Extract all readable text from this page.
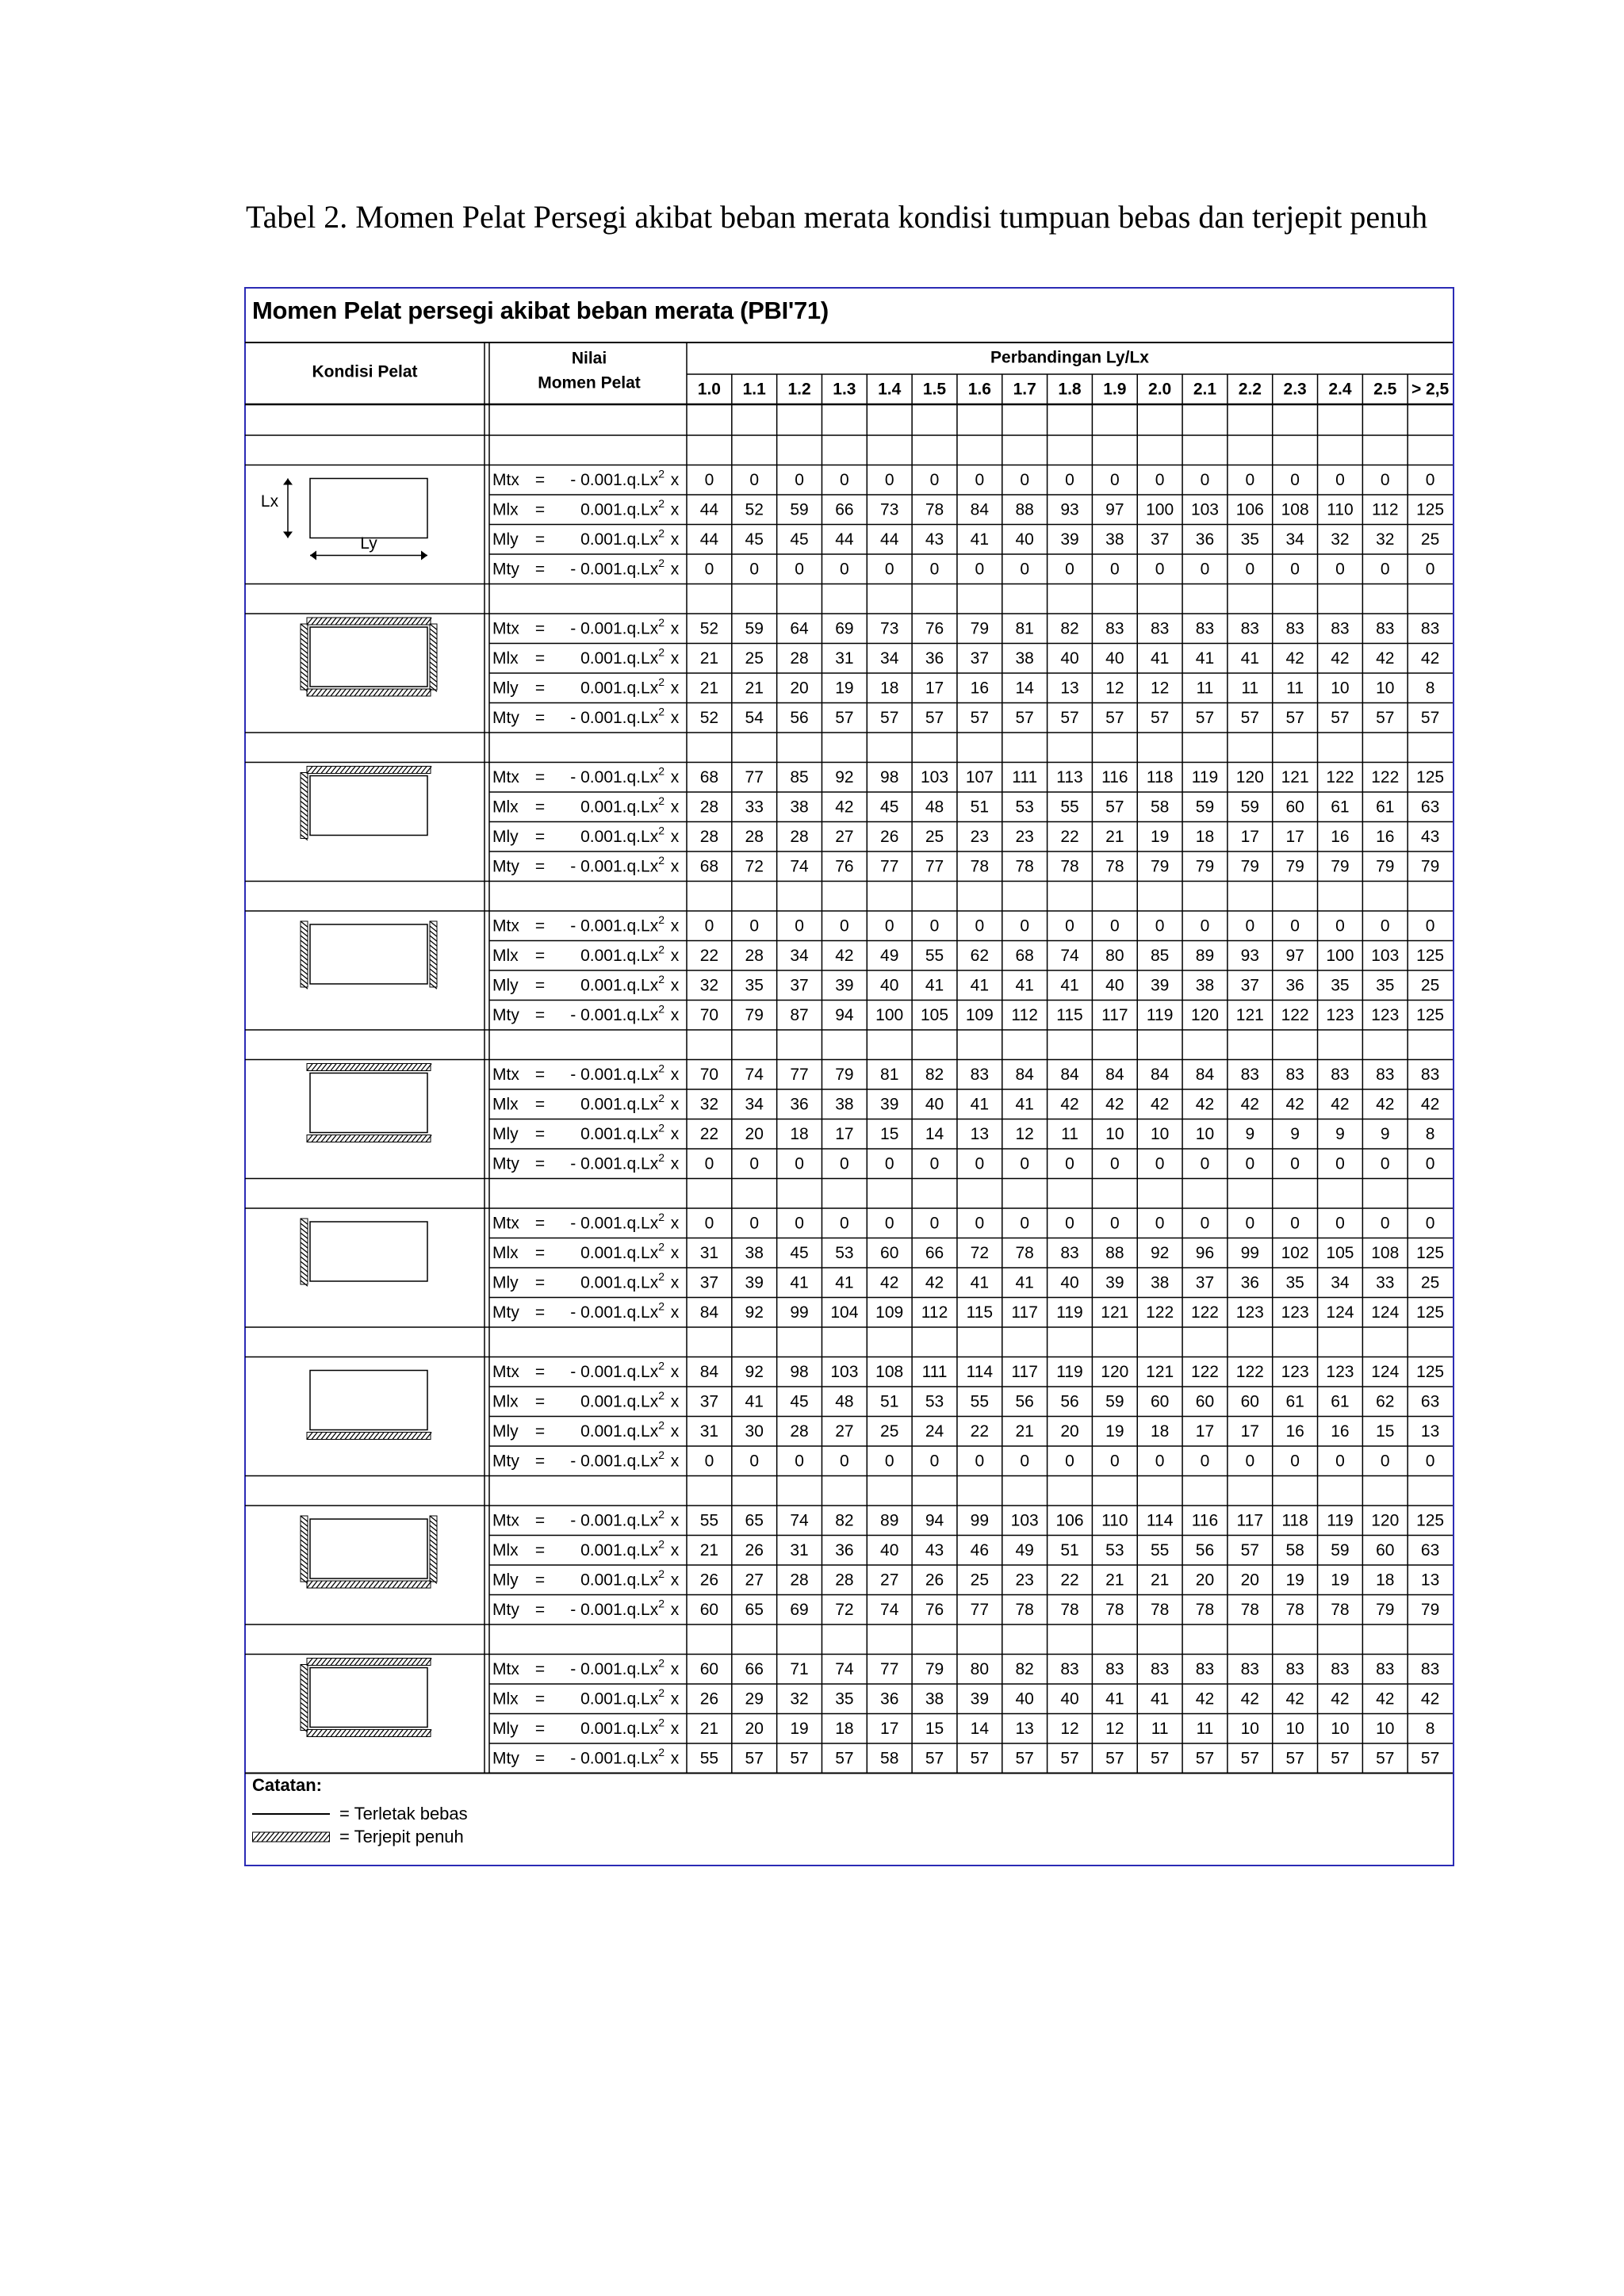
Tabel 2. Momen Pelat Persegi akibat beban merata kondisi tumpuan bebas dan terjepit penuh
Momen Pelat persegi akibat beban merata (PBI'71)
Catatan:
= Terletak bebas
= Terjepit penuh
Kondisi Pelat
Nilai
Momen Pelat
Perbandingan Ly/Lx
1.0 1.1 1.2 1.3 1.4 1.5 1.6 1.7 1.8 1.9 2.0 2.1 2.2 2.3 2.4 2.5 > 2,5
Mtx = - 0.001.q.Lx$^2$ x 0 0 0 0 0 0 0 0 0 0 0 0 0 0 0 0 0
Mlx = $0.001.q.Lx^2$ x 44 52 59 66 73 78 84 88 93 97 100 103 106 108 110 112 125
Mly = $0.001.q.Lx^2$ x 44 45 45 44 44 43 41 40 39 38 37 36 35 34 32 32 25
Mty = - 0.001.q.Lx$^2$ x 0 0 0 0 0 0 0 0 0 0 0 0 0 0 0 0 0
Lx
Ly
Mtx = - 0.001.q.Lx$^2$ x 52 59 64 69 73 76 79 81 82 83 83 83 83 83 83 83 83
Mlx = $0.001.q.Lx^2$ x 21 25 28 31 34 36 37 38 40 40 41 41 41 42 42 42 42
Mly = $0.001.q.Lx^2$ x 21 21 20 19 18 17 16 14 13 12 12 11 11 11 10 10 8
Mty = - 0.001.q.Lx$^2$ x 52 54 56 57 57 57 57 57 57 57 57 57 57 57 57 57 57
Mtx = - 0.001.q.Lx$^2$ x 68 77 85 92 98 103 107 111 113 116 118 119 120 121 122 122 125
Mlx = $0.001.q.Lx^2$ x 28 33 38 42 45 48 51 53 55 57 58 59 59 60 61 61 63
Mly = $0.001.q.Lx^2$ x 28 28 28 27 26 25 23 23 22 21 19 18 17 17 16 16 43
Mty = - 0.001.q.Lx$^2$ x 68 72 74 76 77 77 78 78 78 78 79 79 79 79 79 79 79
Mtx = - 0.001.q.Lx$^2$ x 0 0 0 0 0 0 0 0 0 0 0 0 0 0 0 0 0
Mlx = $0.001.q.Lx^2$ x 22 28 34 42 49 55 62 68 74 80 85 89 93 97 100 103 125
Mly = $0.001.q.Lx^2$ x 32 35 37 39 40 41 41 41 41 40 39 38 37 36 35 35 25
Mty = - 0.001.q.Lx$^2$ x 70 79 87 94 100 105 109 112 115 117 119 120 121 122 123 123 125
Mtx = - 0.001.q.Lx$^2$ x 70 74 77 79 81 82 83 84 84 84 84 84 83 83 83 83 83
Mlx = $0.001.q.Lx^2$ x 32 34 36 38 39 40 41 41 42 42 42 42 42 42 42 42 42
Mly = $0.001.q.Lx^2$ x 22 20 18 17 15 14 13 12 11 10 10 10 9 9 9 9 8
Mty = - 0.001.q.Lx$^2$ x 0 0 0 0 0 0 0 0 0 0 0 0 0 0 0 0 0
Mtx = - 0.001.q.Lx$^2$ x 0 0 0 0 0 0 0 0 0 0 0 0 0 0 0 0 0
Mlx = $0.001.q.Lx^2$ x 31 38 45 53 60 66 72 78 83 88 92 96 99 102 105 108 125
Mly = $0.001.q.Lx^2$ x 37 39 41 41 42 42 41 41 40 39 38 37 36 35 34 33 25
Mty = - 0.001.q.Lx$^2$ x 84 92 99 104 109 112 115 117 119 121 122 122 123 123 124 124 125
Mtx = - 0.001.q.Lx$^2$ x 84 92 98 103 108 111 114 117 119 120 121 122 122 123 123 124 125
Mlx = $0.001.q.Lx^2$ x 37 41 45 48 51 53 55 56 56 59 60 60 60 61 61 62 63
Mly = $0.001.q.Lx^2$ x 31 30 28 27 25 24 22 21 20 19 18 17 17 16 16 15 13
Mty = - 0.001.q.Lx$^2$ x 0 0 0 0 0 0 0 0 0 0 0 0 0 0 0 0 0
Mtx = - 0.001.q.Lx$^2$ x 55 65 74 82 89 94 99 103 106 110 114 116 117 118 119 120 125
Mlx = $0.001.q.Lx^2$ x 21 26 31 36 40 43 46 49 51 53 55 56 57 58 59 60 63
Mly = $0.001.q.Lx^2$ x 26 27 28 28 27 26 25 23 22 21 21 20 20 19 19 18 13
Mty = - 0.001.q.Lx$^2$ x 60 65 69 72 74 76 77 78 78 78 78 78 78 78 78 79 79
Mtx = - 0.001.q.Lx$^2$ x 60 66 71 74 77 79 80 82 83 83 83 83 83 83 83 83 83
Mlx = $0.001.q.Lx^2$ x 26 29 32 35 36 38 39 40 40 41 41 42 42 42 42 42 42
Mly = $0.001.q.Lx^2$ x 21 20 19 18 17 15 14 13 12 12 11 11 10 10 10 10 8
Mty = - 0.001.q.Lx$^2$ x 55 57 57 57 58 57 57 57 57 57 57 57 57 57 57 57 57
